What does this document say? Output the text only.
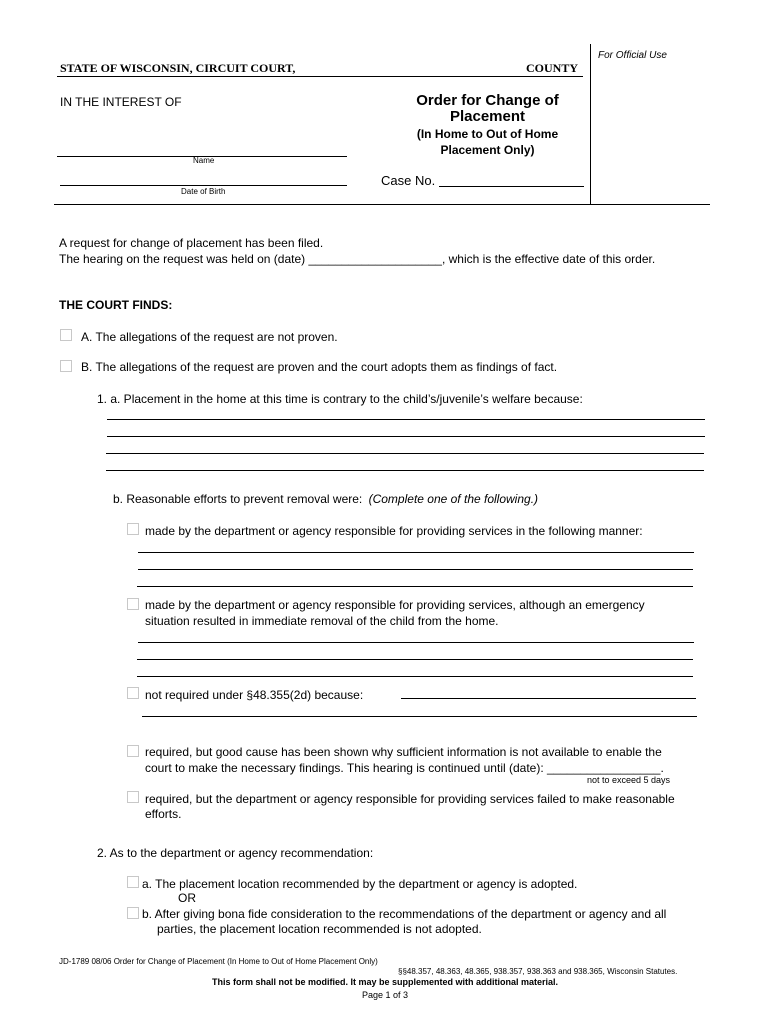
STATE OF WISCONSIN, CIRCUIT COURT,	COUNTY
For Official Use
IN THE INTEREST OF	Order for Change of
Placement
(In Home to Out of Home
Placement Only)
Name
Date of Birth
Case No.
A request for change of placement has been filed.
The hearing on the request was held on (date) ____________________, which is the effective date of this order.
THE COURT FINDS:
A. The allegations of the request are not proven.
B. The allegations of the request are proven and the court adopts them as findings of fact.
1. a. Placement in the home at this time is contrary to the child’s/juvenile’s welfare because:
b. Reasonable efforts to prevent removal were: (Complete one of the following.)
made by the department or agency responsible for providing services in the following manner:
made by the department or agency responsible for providing services, although an emergency
situation resulted in immediate removal of the child from the home.
not required under §48.355(2d) because:
required, but good cause has been shown why sufficient information is not available to enable the
court to make the necessary findings. This hearing is continued until (date): _________________.
not to exceed 5 days
required, but the department or agency responsible for providing services failed to make reasonable
efforts.
2. As to the department or agency recommendation:
a. The placement location recommended by the department or agency is adopted.
OR
b. After giving bona fide consideration to the recommendations of the department or agency and all
parties, the placement location recommended is not adopted.
JD-1789 08/06 Order for Change of Placement (In Home to Out of Home Placement Only)
§§48.357, 48.363, 48.365, 938.357, 938.363 and 938.365, Wisconsin Statutes.
This form shall not be modified. It may be supplemented with additional material.
Page 1 of 3
